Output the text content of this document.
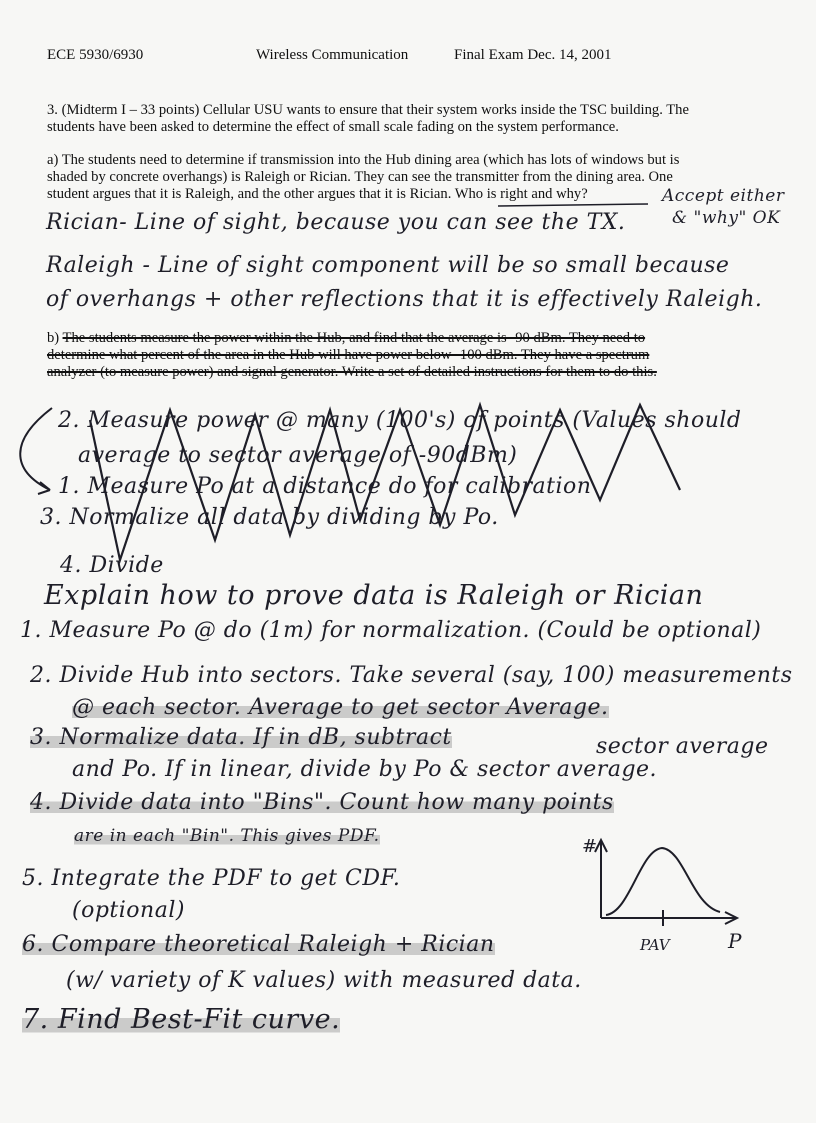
ECE 5930/6930	Wireless Communication	Final Exam Dec. 14, 2001
3. (Midterm I – 33 points) Cellular USU wants to ensure that their system works inside the TSC building. The
students have been asked to determine the effect of small scale fading on the system performance.
a) The students need to determine if transmission into the Hub dining area (which has lots of windows but is
shaded by concrete overhangs) is Raleigh or Rician. They can see the transmitter from the dining area. One
student argues that it is Raleigh, and the other argues that it is Rician. Who is right and why?	Accept either
& "why" OK
Rician- Line of sight, because you can see the TX.
Raleigh - Line of sight component will be so small because
of overhangs + other reflections that it is effectively Raleigh.
b) The students measure the power within the Hub, and find that the average is -90 dBm. They need to
determine what percent of the area in the Hub will have power below -100 dBm. They have a spectrum
analyzer (to measure power) and signal generator. Write a set of detailed instructions for them to do this.
2. Measure power @ many (100's) of points (Values should
average to sector average of -90dBm)
1. Measure Po at a distance do for calibration
3. Normalize all data by dividing by Po.
4. Divide
Explain how to prove data is Raleigh or Rician
1. Measure Po @ do (1m) for normalization. (Could be optional)
2. Divide Hub into sectors. Take several (say, 100) measurements
@ each sector. Average to get sector Average.
3. Normalize data. If in dB, subtract	sector average
and Po. If in linear, divide by Po & sector average.
4. Divide data into "Bins". Count how many points
are in each "Bin". This gives PDF.
5. Integrate the PDF to get CDF.
(optional)
6. Compare theoretical Raleigh + Rician
(w/ variety of K values) with measured data.
7. Find Best-Fit curve.
#
P
PAV
